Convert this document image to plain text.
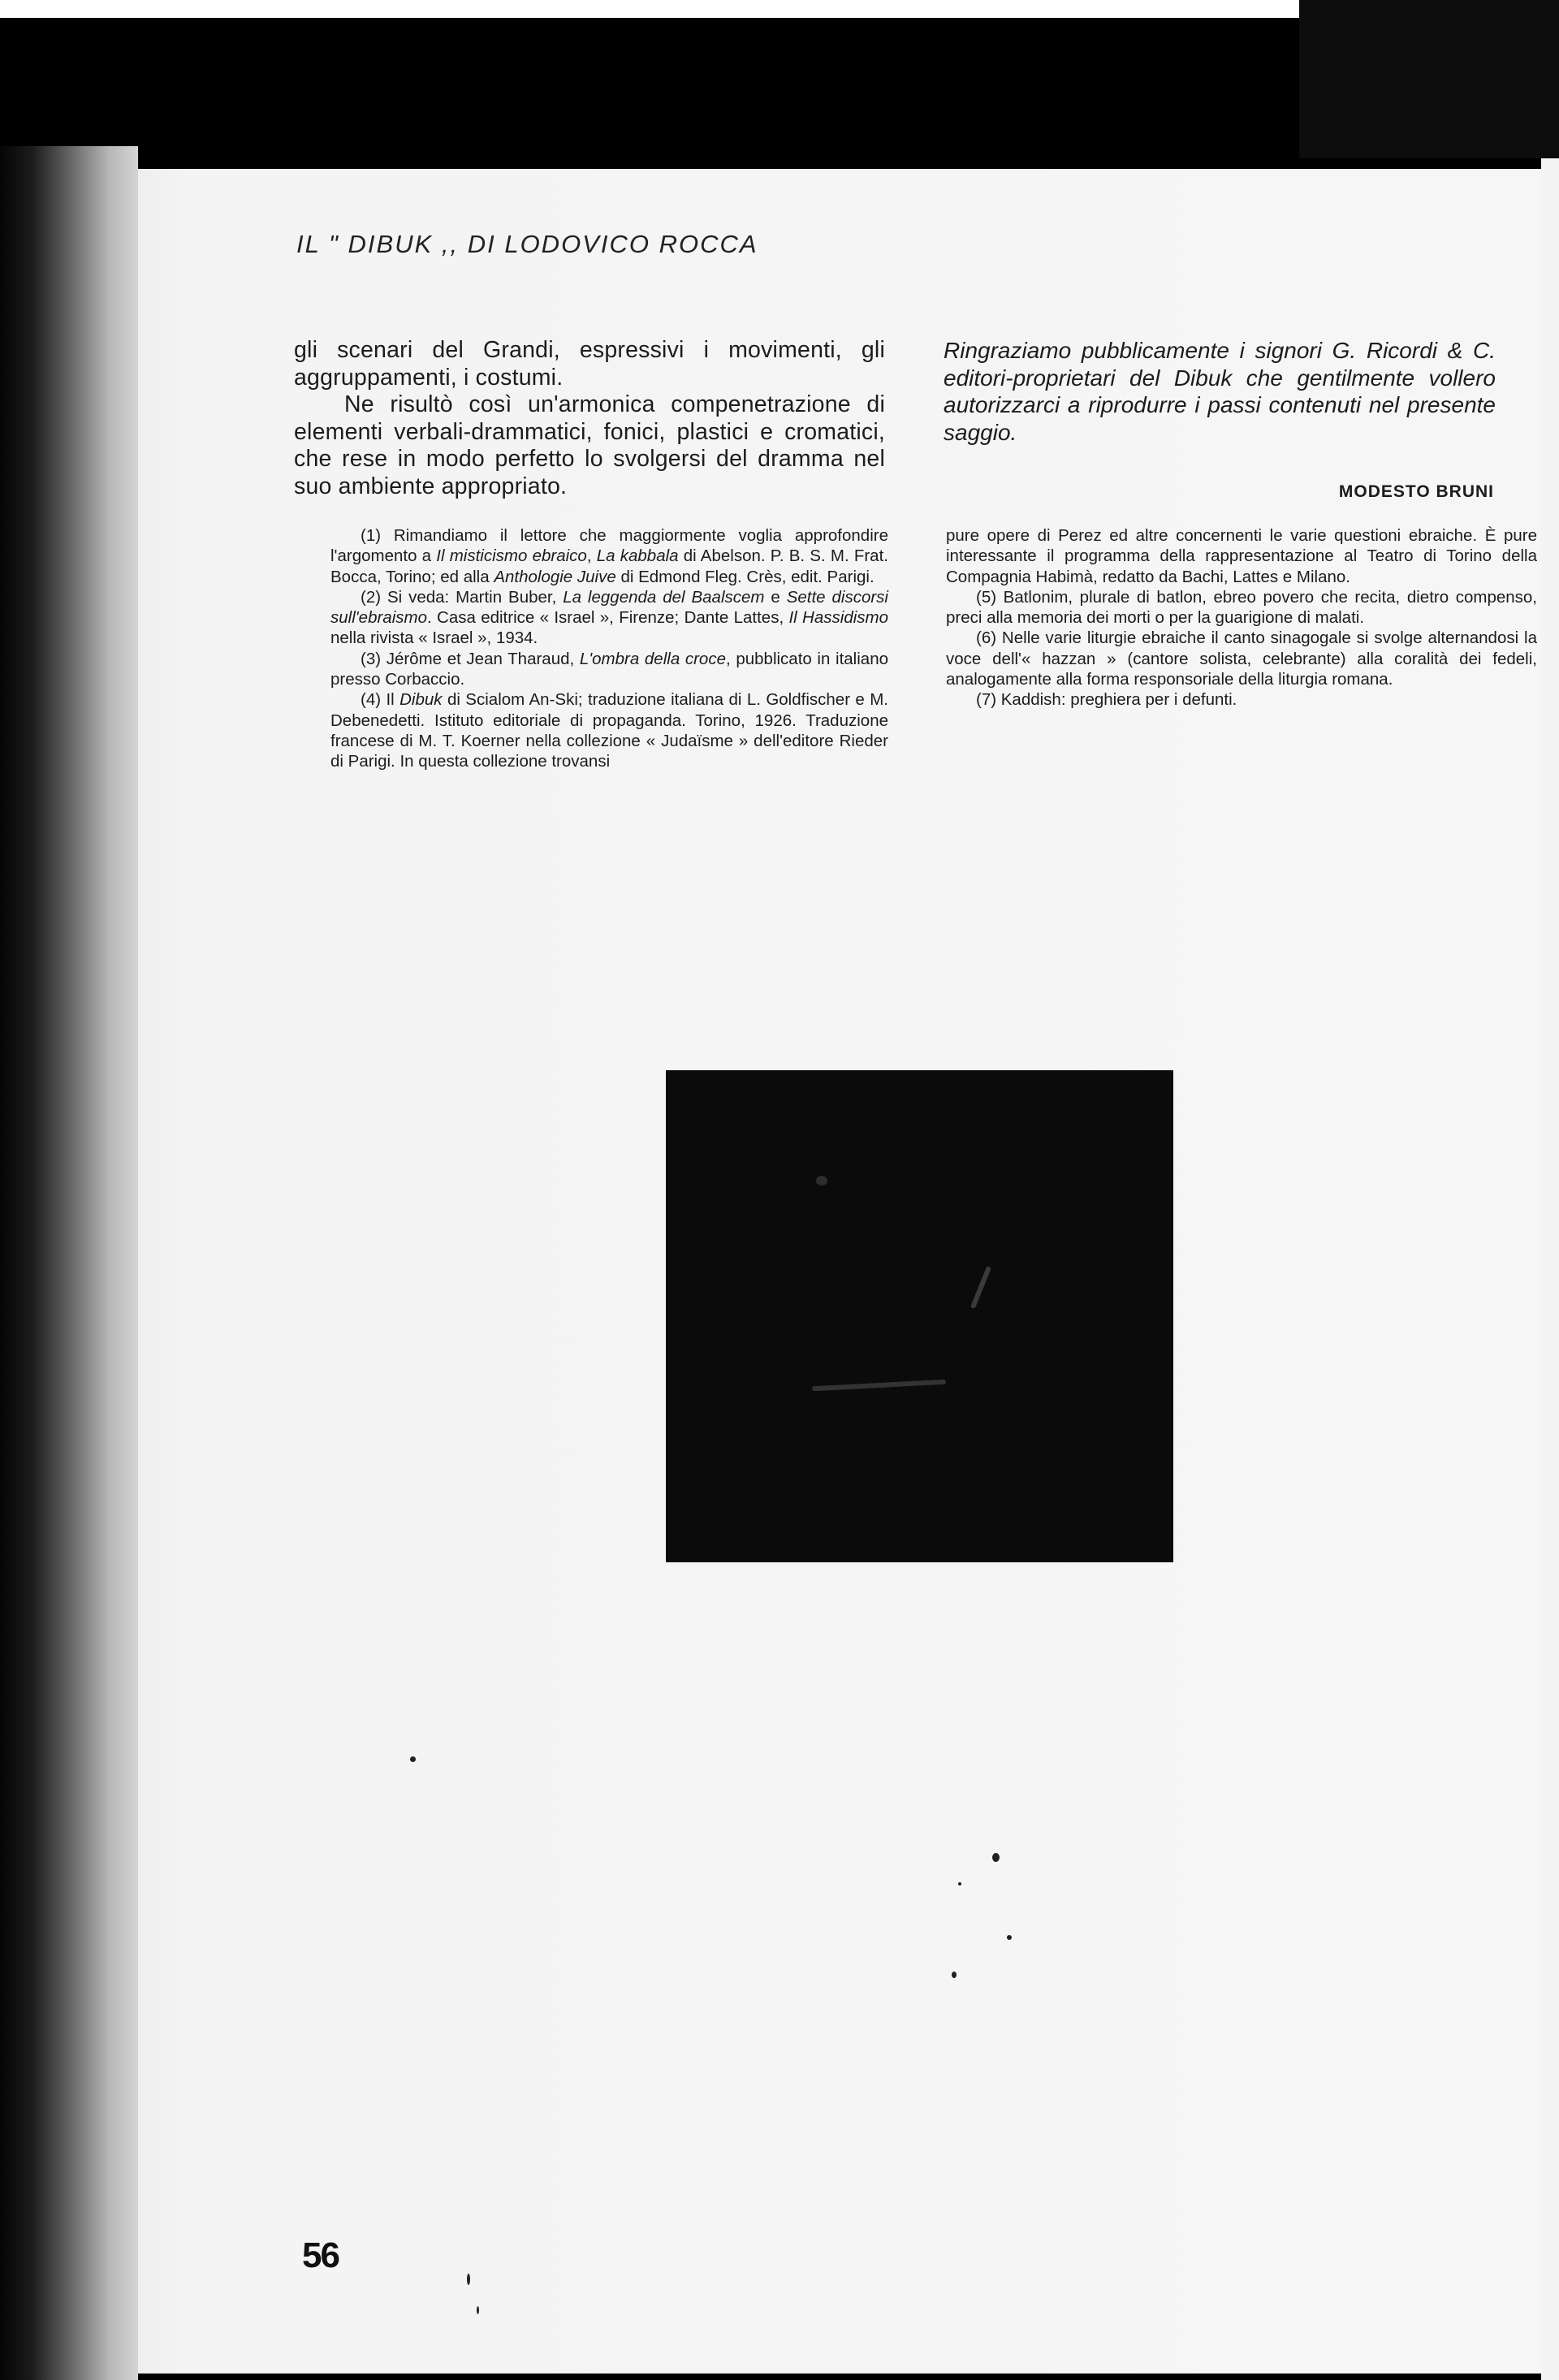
IL " DIBUK ,, DI LODOVICO ROCCA

gli scenari del Grandi, espressivi i movimenti, gli aggruppamenti, i costumi.

Ne risultò così un'armonica compenetrazione di elementi verbali-drammatici, fonici, plastici e cromatici, che rese in modo perfetto lo svolgersi del dramma nel suo ambiente appropriato.

Ringraziamo pubblicamente i signori G. Ricordi & C. editori-proprietari del Dibuk che gentilmente vollero autorizzarci a riprodurre i passi contenuti nel presente saggio.

MODESTO BRUNI

(1) Rimandiamo il lettore che maggiormente voglia approfondire l'argomento a Il misticismo ebraico, La kabbala di Abelson. P. B. S. M. Frat. Bocca, Torino; ed alla Anthologie Juive di Edmond Fleg. Crès, edit. Parigi.

(2) Si veda: Martin Buber, La leggenda del Baalscem e Sette discorsi sull'ebraismo. Casa editrice « Israel », Firenze; Dante Lattes, Il Hassidismo nella rivista « Israel », 1934.

(3) Jérôme et Jean Tharaud, L'ombra della croce, pubblicato in italiano presso Corbaccio.

(4) Il Dibuk di Scialom An-Ski; traduzione italiana di L. Goldfischer e M. Debenedetti. Istituto editoriale di propaganda. Torino, 1926. Traduzione francese di M. T. Koerner nella collezione « Judaïsme » dell'editore Rieder di Parigi. In questa collezione trovansi

pure opere di Perez ed altre concernenti le varie questioni ebraiche. È pure interessante il programma della rappresentazione al Teatro di Torino della Compagnia Habimà, redatto da Bachi, Lattes e Milano.

(5) Batlonim, plurale di batlon, ebreo povero che recita, dietro compenso, preci alla memoria dei morti o per la guarigione di malati.

(6) Nelle varie liturgie ebraiche il canto sinagogale si svolge alternandosi la voce dell'« hazzan » (cantore solista, celebrante) alla coralità dei fedeli, analogamente alla forma responsoriale della liturgia romana.

(7) Kaddish: preghiera per i defunti.

56
